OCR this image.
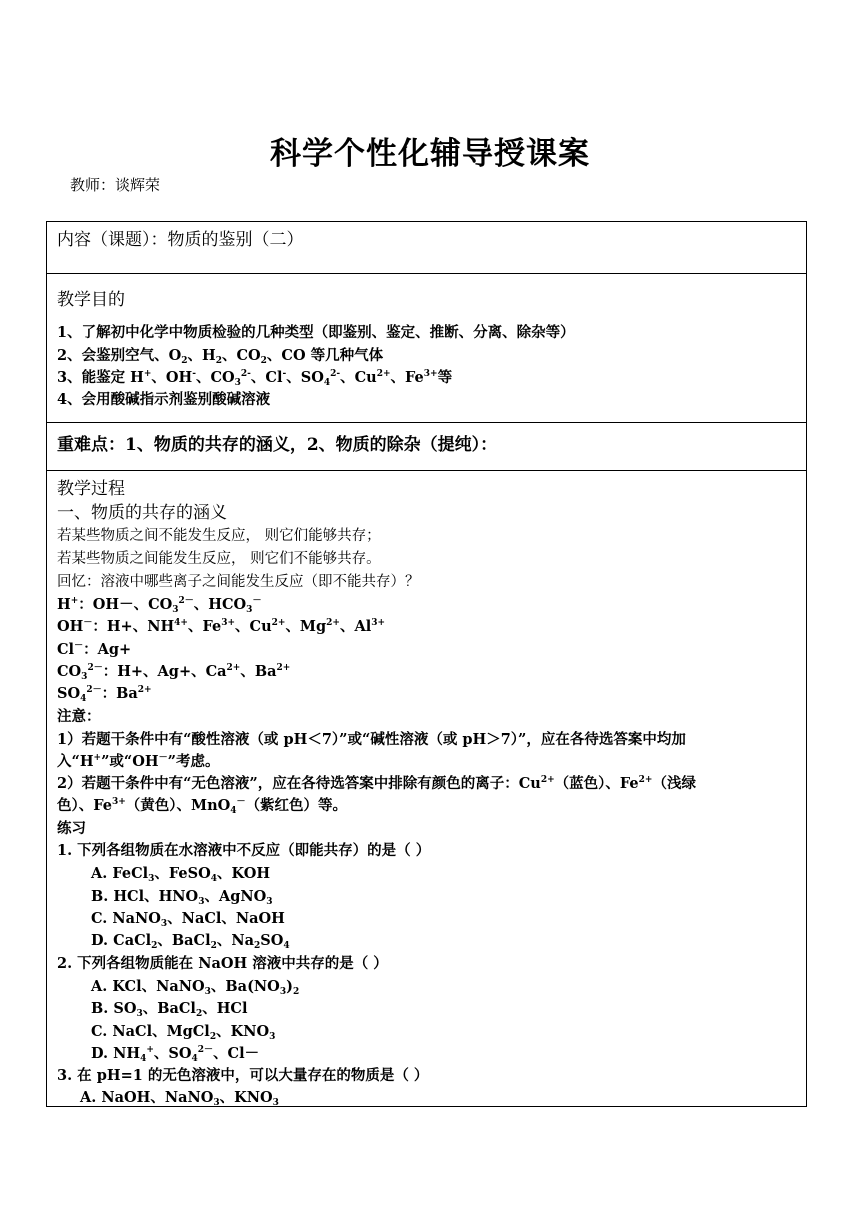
科学个性化辅导授课案
教师：谈辉荣
内容（课题）：物质的鉴别（二）
教学目的
1、了解初中化学中物质检验的几种类型（即鉴别、鉴定、推断、分离、除杂等）
2、会鉴别空气、$O_2$、$H_2$、$CO_2$、CO 等几种气体
3、能鉴定 H+、OH-、$CO_3^{2-}$、Cl-、$SO_4^{2-}$、$Cu^{2+}$、$Fe^{3+}$等
4、会用酸碱指示剂鉴别酸碱溶液
重难点：1、物质的共存的涵义，2、物质的除杂（提纯）：
教学过程
一、物质的共存的涵义
若某些物质之间不能发生反应， 则它们能够共存；
若某些物质之间能发生反应， 则它们不能够共存。
回忆：溶液中哪些离子之间能发生反应（即不能共存）？
H+：OH－、$CO_3^{2-}$、$HCO_3^-$
OH－：H+、$NH^{4+}$、$Fe^{3+}$、$Cu^{2+}$、$Mg^{2+}$、$Al^{3+}$
Cl－：Ag+
$CO_3^{2-}$：H+、Ag+、$Ca^{2+}$、$Ba^{2+}$
$SO_4^{2-}$：$Ba^{2+}$
注意：
1）若题干条件中有“酸性溶液（或 pH＜7）”或“碱性溶液（或 pH＞7）”，应在各待选答案中均加
入“H+”或“OH－”考虑。
2）若题干条件中有“无色溶液”，应在各待选答案中排除有颜色的离子：$Cu^{2+}$（蓝色）、$Fe^{2+}$（浅绿
色）、$Fe^{3+}$（黄色）、MnO$_4$－（紫红色）等。
练习
1. 下列各组物质在水溶液中不反应（即能共存）的是（ ）
A. FeCl$_3$、FeSO$_4$、KOH
B. HCl、$HNO_3$、AgNO$_3$
C. NaNO$_3$、NaCl、NaOH
D. CaCl$_2$、BaCl$_2$、$Na_2SO_4$
2. 下列各组物质能在 NaOH 溶液中共存的是（ ）
A. KCl、NaNO$_3$、$Ba(NO_3)_2$
B. $SO_3$、BaCl$_2$、HCl
C. NaCl、MgCl$_2$、$KNO_3$
D. $NH_4^+$、$SO_4^{2-}$、Cl－
3. 在 pH=1 的无色溶液中，可以大量存在的物质是（ ）
A. NaOH、NaNO$_3$、$KNO_3$
